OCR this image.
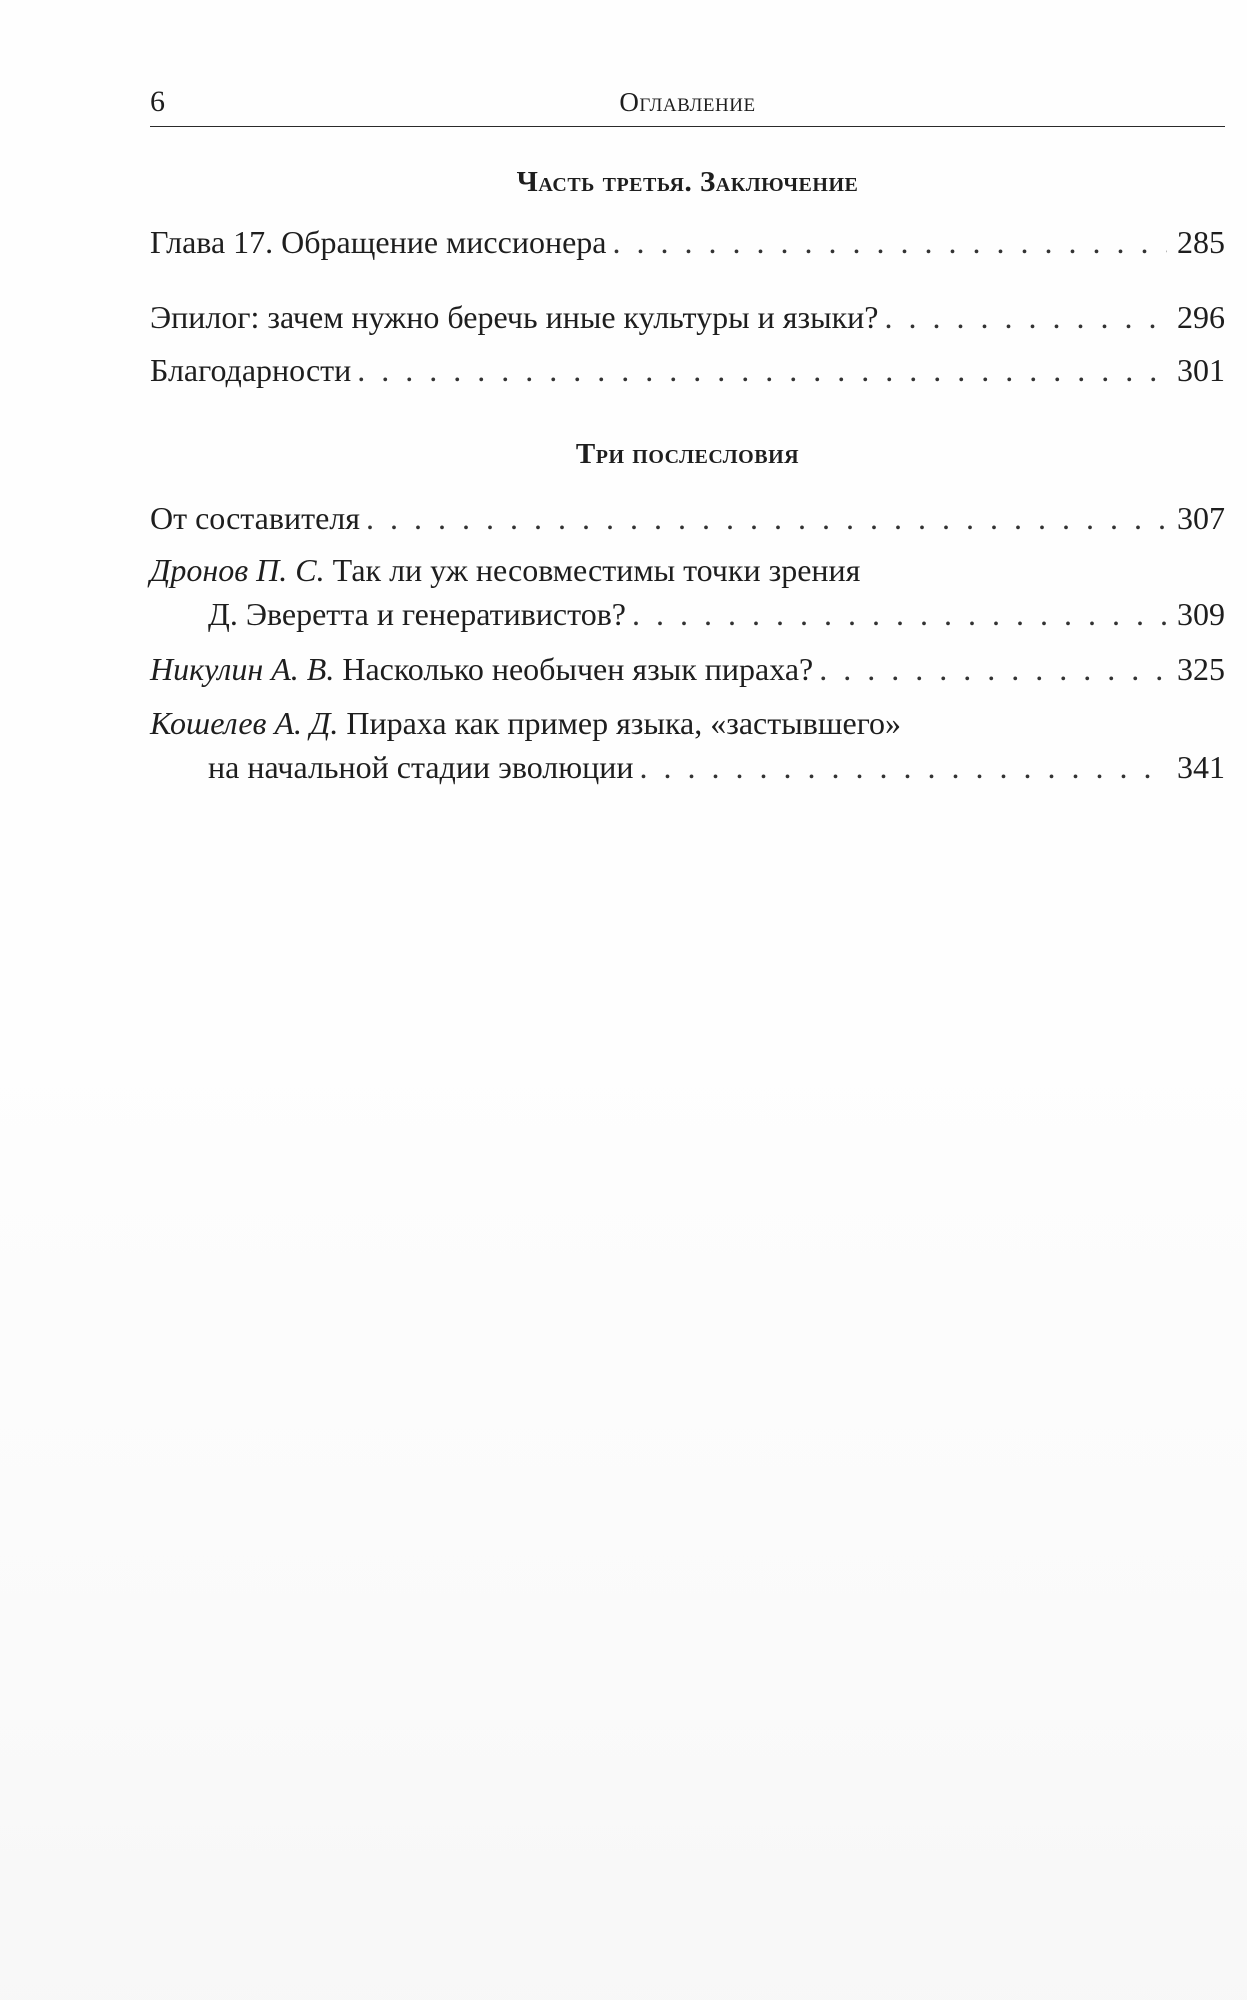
6	Оглавление
Часть третья. Заключение
Глава 17. Обращение миссионера . . .	285
Эпилог: зачем нужно беречь иные культуры и языки? . . .	296
Благодарности . . .	301
Три послесловия
От составителя . . .	307
Дронов П. С. Так ли уж несовместимы точки зрения
Д. Эверетта и генеративистов? . . .	309
Никулин А. В. Насколько необычен язык пираха? . . .	325
Кошелев А. Д. Пираха как пример языка, «застывшего»
на начальной стадии эволюции . . .	341
